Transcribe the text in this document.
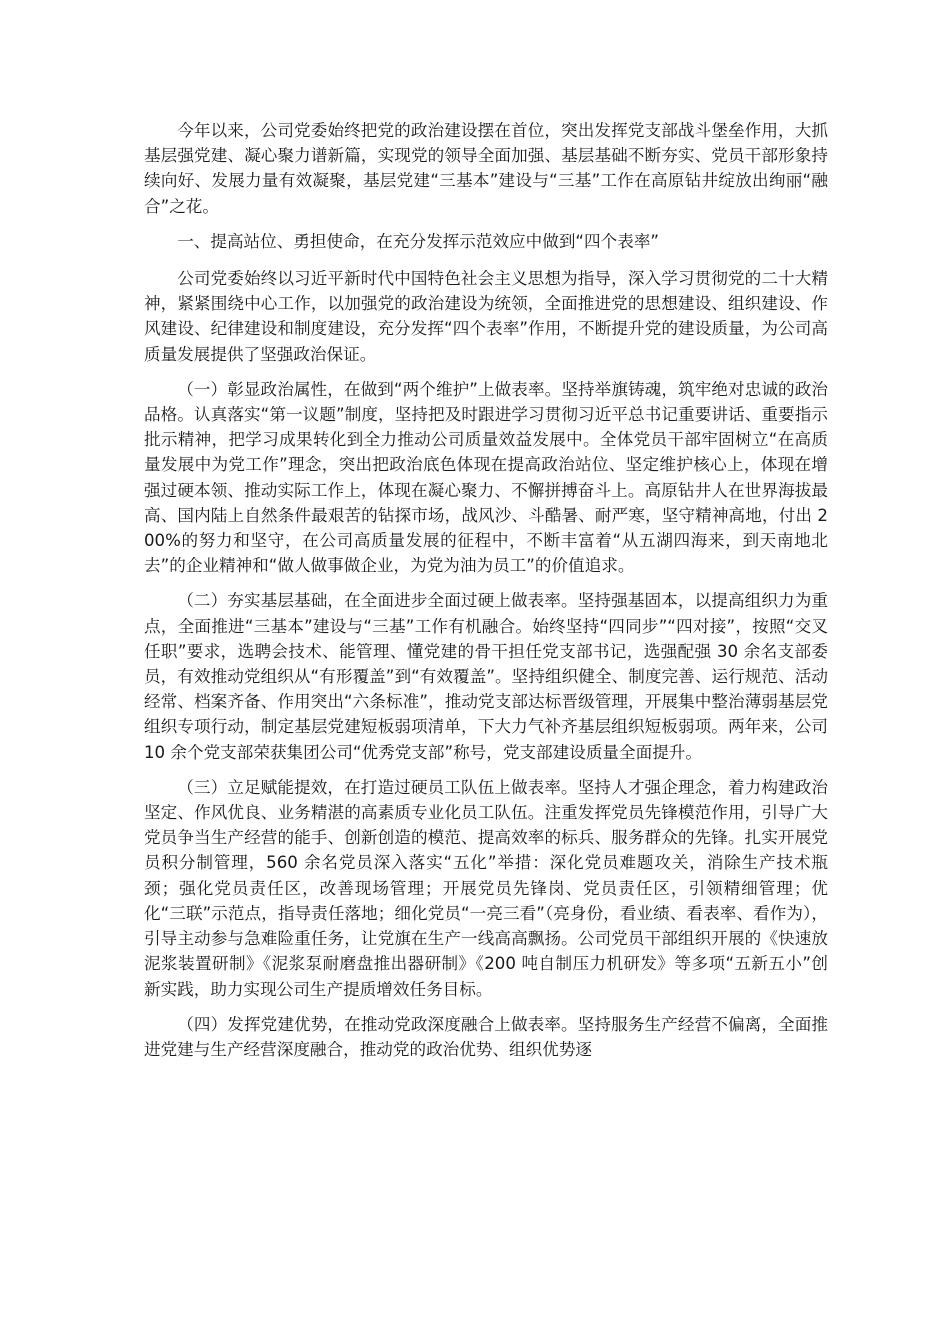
今年以来，公司党委始终把党的政治建设摆在首位，突出发挥党支部战斗堡垒作用，大抓基层强党建、凝心聚力谱新篇，实现党的领导全面加强、基层基础不断夯实、党员干部形象持续向好、发展力量有效凝聚，基层党建“三基本”建设与“三基”工作在高原钻井绽放出绚丽“融合”之花。

一、提高站位、勇担使命，在充分发挥示范效应中做到“四个表率”

公司党委始终以习近平新时代中国特色社会主义思想为指导，深入学习贯彻党的二十大精神，紧紧围绕中心工作，以加强党的政治建设为统领，全面推进党的思想建设、组织建设、作风建设、纪律建设和制度建设，充分发挥“四个表率”作用，不断提升党的建设质量，为公司高质量发展提供了坚强政治保证。

（一）彰显政治属性，在做到“两个维护”上做表率。坚持举旗铸魂，筑牢绝对忠诚的政治品格。认真落实“第一议题”制度，坚持把及时跟进学习贯彻习近平总书记重要讲话、重要指示批示精神，把学习成果转化到全力推动公司质量效益发展中。全体党员干部牢固树立“在高质量发展中为党工作”理念，突出把政治底色体现在提高政治站位、坚定维护核心上，体现在增强过硬本领、推动实际工作上，体现在凝心聚力、不懈拼搏奋斗上。高原钻井人在世界海拔最高、国内陆上自然条件最艰苦的钻探市场，战风沙、斗酷暑、耐严寒，坚守精神高地，付出 200%的努力和坚守，在公司高质量发展的征程中，不断丰富着“从五湖四海来，到天南地北去”的企业精神和“做人做事做企业，为党为油为员工”的价值追求。

（二）夯实基层基础，在全面进步全面过硬上做表率。坚持强基固本，以提高组织力为重点，全面推进“三基本”建设与“三基”工作有机融合。始终坚持“四同步”“四对接”，按照“交叉任职”要求，选聘会技术、能管理、懂党建的骨干担任党支部书记，选强配强 30 余名支部委员，有效推动党组织从“有形覆盖”到“有效覆盖”。坚持组织健全、制度完善、运行规范、活动经常、档案齐备、作用突出“六条标准”，推动党支部达标晋级管理，开展集中整治薄弱基层党组织专项行动，制定基层党建短板弱项清单，下大力气补齐基层组织短板弱项。两年来，公司 10 余个党支部荣获集团公司“优秀党支部”称号，党支部建设质量全面提升。

（三）立足赋能提效，在打造过硬员工队伍上做表率。坚持人才强企理念，着力构建政治坚定、作风优良、业务精湛的高素质专业化员工队伍。注重发挥党员先锋模范作用，引导广大党员争当生产经营的能手、创新创造的模范、提高效率的标兵、服务群众的先锋。扎实开展党员积分制管理，560 余名党员深入落实“五化”举措：深化党员难题攻关，消除生产技术瓶颈；强化党员责任区，改善现场管理；开展党员先锋岗、党员责任区，引领精细管理；优化“三联”示范点，指导责任落地；细化党员“一亮三看”（亮身份，看业绩、看表率、看作为），引导主动参与急难险重任务，让党旗在生产一线高高飘扬。公司党员干部组织开展的《快速放泥浆装置研制》《泥浆泵耐磨盘推出器研制》《200 吨自制压力机研发》等多项“五新五小”创新实践，助力实现公司生产提质增效任务目标。

（四）发挥党建优势，在推动党政深度融合上做表率。坚持服务生产经营不偏离，全面推进党建与生产经营深度融合，推动党的政治优势、组织优势逐
